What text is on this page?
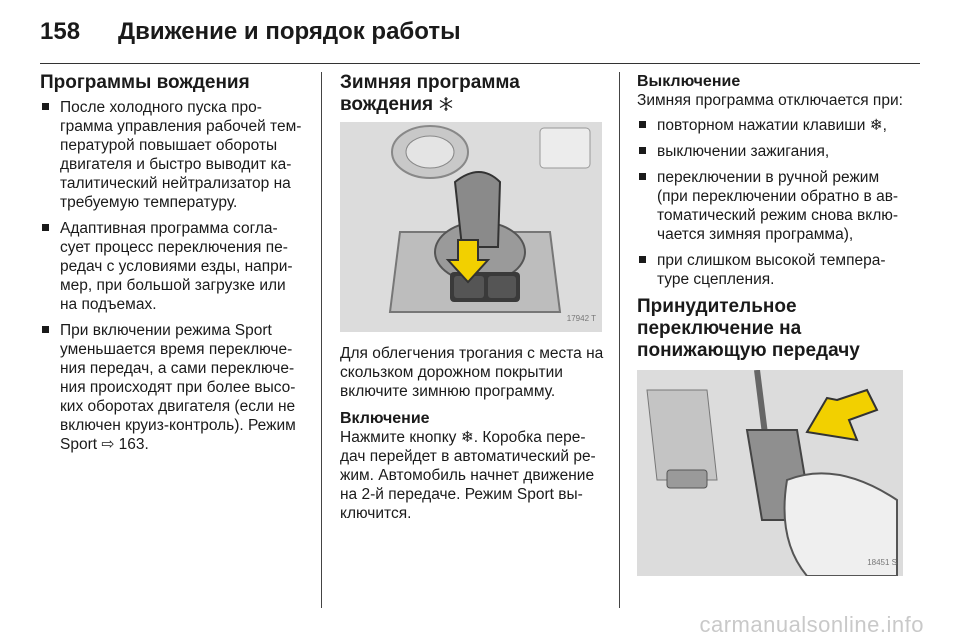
158 Движение и порядок работы
Программы вождения
После холодного пуска про-грамма управления рабочей тем-пературой повышает обороты двигателя и быстро выводит ка-талитический нейтрализатор на требуемую температуру.
Адаптивная программа согла-сует процесс переключения пе-редач с условиями езды, напри-мер, при большой загрузке или на подъемах.
При включении режима Sport уменьшается время переключе-ния передач, а сами переключе-ния происходят при более высо-ких оборотах двигателя (если не включен круиз-контроль). Режим Sport ⇨ 163.
Зимняя программа вождения
17942 T

Для облегчения трогания с места на скользком дорожном покрытии включите зимнюю программу.

Включение

Нажмите кнопку ❄. Коробка пере-дач перейдет в автоматический ре-жим. Автомобиль начнет движение на 2-й передаче. Режим Sport вы-ключится.

Выключение

Зимняя программа отключается при:

повторном нажатии клавиши ❄,
выключении зажигания,
переключении в ручной режим (при переключении обратно в ав-томатический режим снова вклю-чается зимняя программа),
при слишком высокой темпера-туре сцепления.
Принудительное переключение на понижающую передачу
18451 S
carmanualsonline.info
